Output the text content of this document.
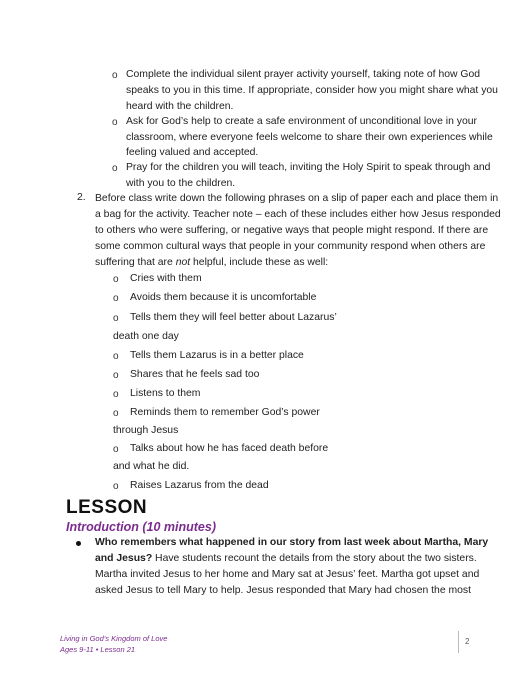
o Complete the individual silent prayer activity yourself, taking note of how God
speaks to you in this time. If appropriate, consider how you might share what you
heard with the children.
o Ask for God’s help to create a safe environment of unconditional love in your
classroom, where everyone feels welcome to share their own experiences while
feeling valued and accepted.
o Pray for the children you will teach, inviting the Holy Spirit to speak through and
with you to the children.
2. Before class write down the following phrases on a slip of paper each and place them in
a bag for the activity. Teacher note – each of these includes either how Jesus responded
to others who were suffering, or negative ways that people might respond. If there are
some common cultural ways that people in your community respond when others are
suffering that are not helpful, include these as well:
o Cries with them
o Avoids them because it is uncomfortable
o Tells them they will feel better about Lazarus’
death one day
o Tells them Lazarus is in a better place
o Shares that he feels sad too
o Listens to them
o Reminds them to remember God’s power
through Jesus
o Talks about how he has faced death before
and what he did.
o Raises Lazarus from the dead
LESSON
Introduction (10 minutes)
Who remembers what happened in our story from last week about Martha, Mary
and Jesus? Have students recount the details from the story about the two sisters.
Martha invited Jesus to her home and Mary sat at Jesus’ feet. Martha got upset and
asked Jesus to tell Mary to help. Jesus responded that Mary had chosen the most
Living in God’s Kingdom of Love
Ages 9-11 • Lesson 21
2
